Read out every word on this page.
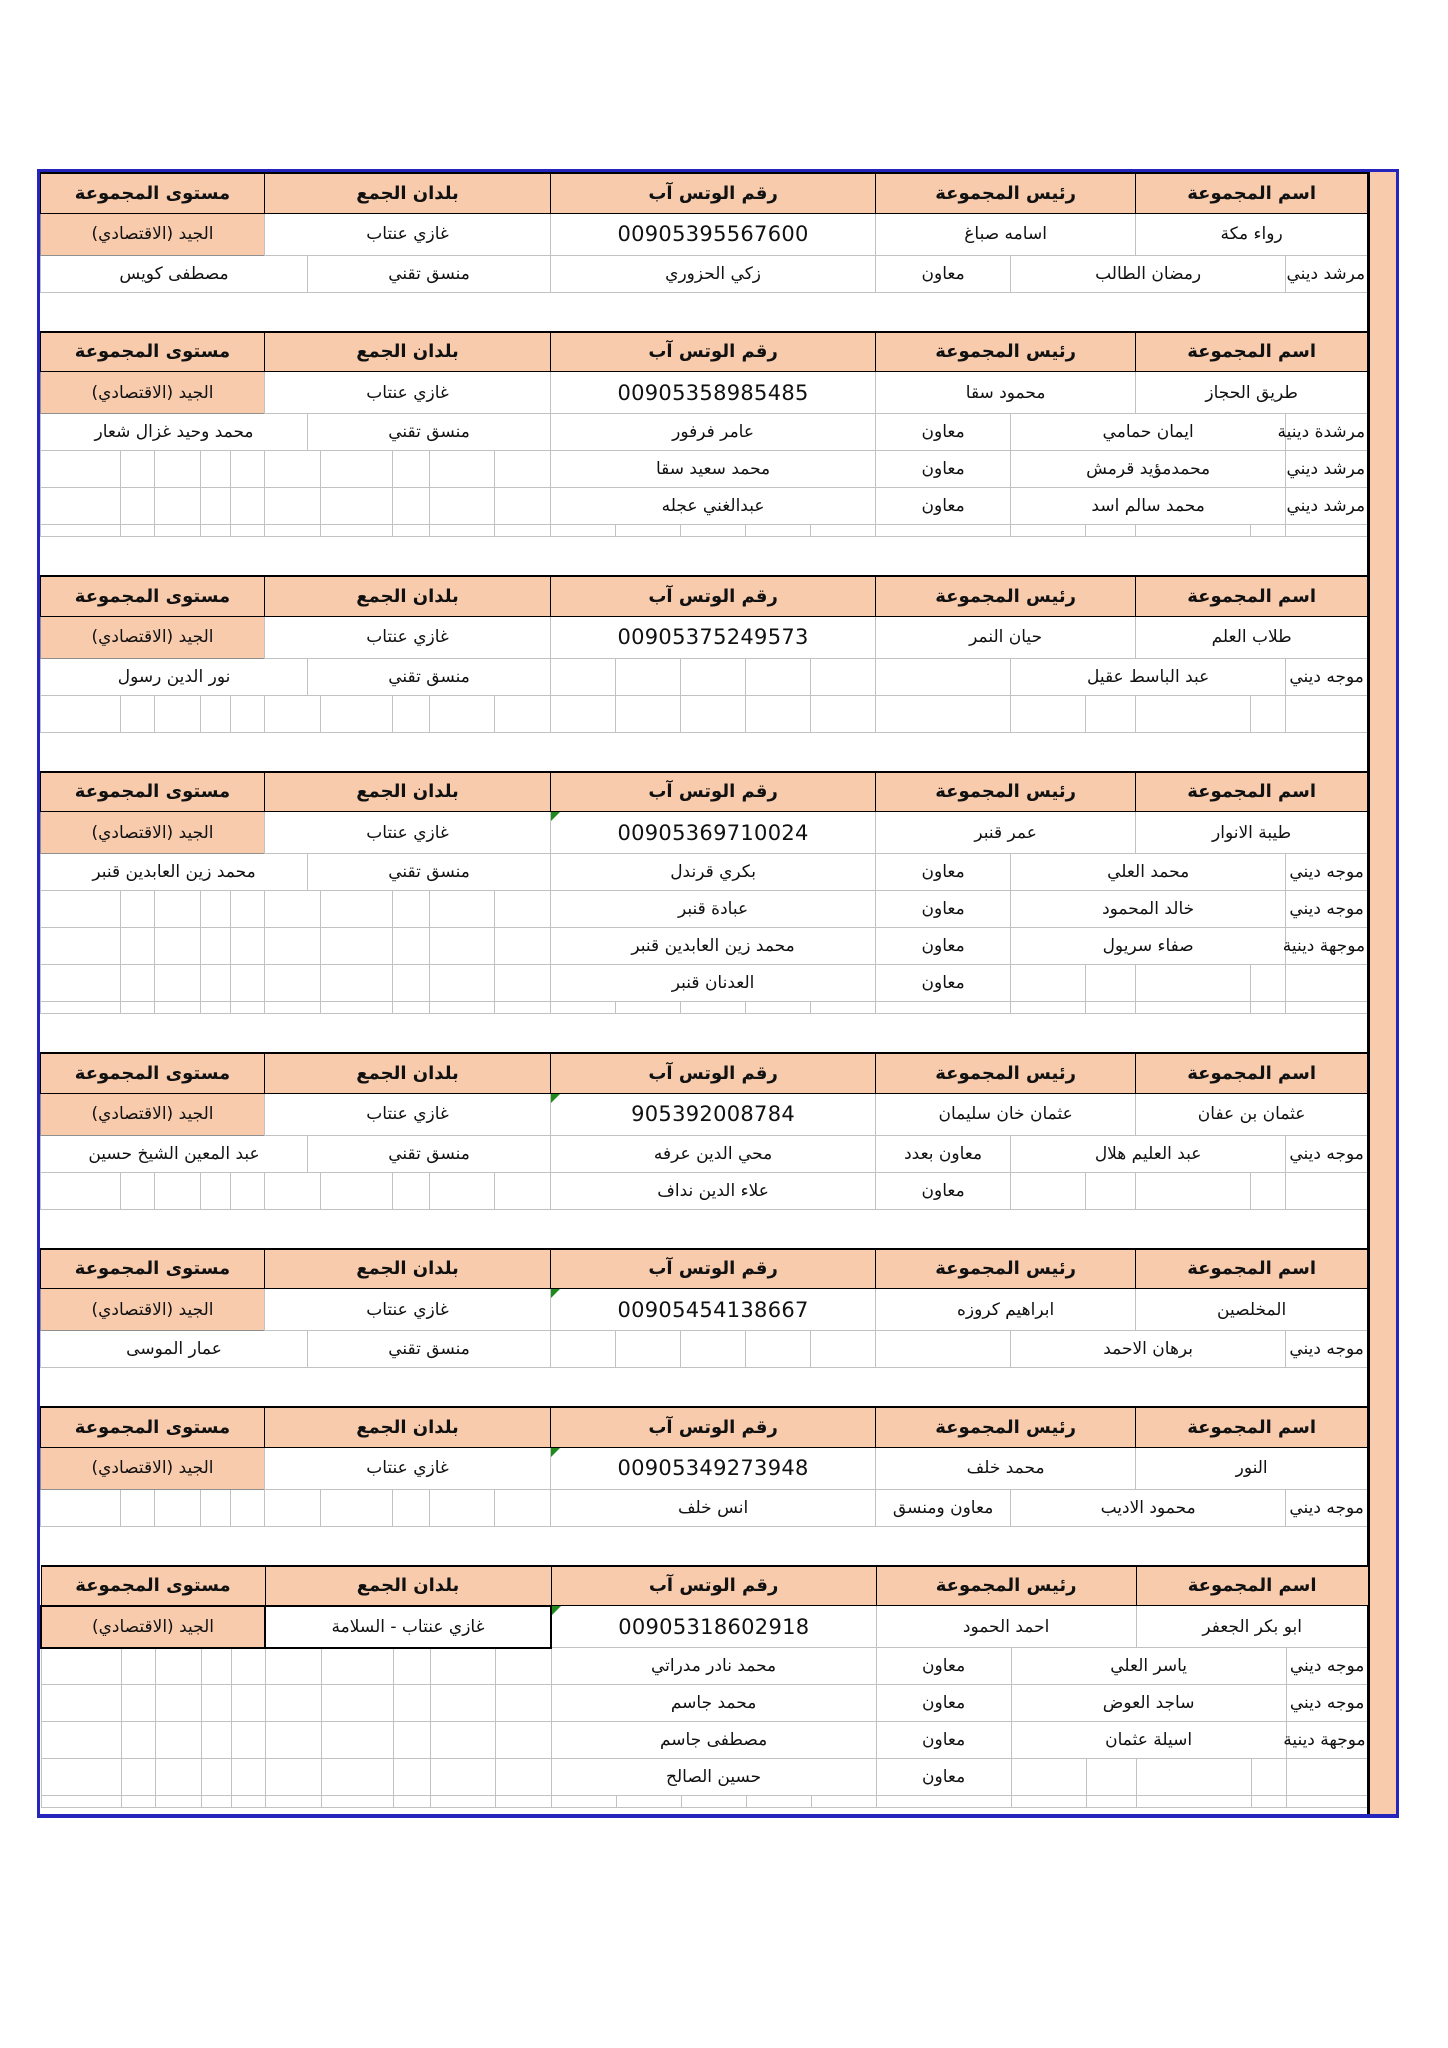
اسم المجموعة		رئيس المجموعة		رقم الوتس آب	بلدان الجمع		مستوى المجموعة
رواء مكة		اسامه صباغ		00905395567600	غازي عنتاب		الجيد (الاقتصادي)
مرشد ديني	رمضان الطالب		معاون	زكي الحزوري	منسق تقني	مصطفى كويس	
اسم المجموعة			رئيس المجموعة			رقم الوتس آب					بلدان الجمع						مستوى المجموعة				
طريق الحجاز			محمود سقا			00905358985485					غازي عنتاب						الجيد (الاقتصادي)				
مرشدة دينية	ايمان حمامي				معاون	عامر فرفور					منسق تقني					محمد وحيد غزال شعار					
مرشد ديني	محمدمؤيد قرمش				معاون	محمد سعيد سقا															
مرشد ديني	محمد سالم اسد				معاون	عبدالغني عجله															

اسم المجموعة			رئيس المجموعة			رقم الوتس آب					بلدان الجمع						مستوى المجموعة				
طلاب العلم			حيان النمر			00905375249573					غازي عنتاب						الجيد (الاقتصادي)				
موجه ديني	عبد الباسط عقيل										منسق تقني					نور الدين رسول					

اسم المجموعة			رئيس المجموعة			رقم الوتس آب					بلدان الجمع						مستوى المجموعة				
طيبة الانوار			عمر قنبر			00905369710024					غازي عنتاب						الجيد (الاقتصادي)				
موجه ديني	محمد العلي				معاون	بكري قرندل					منسق تقني					محمد زين العابدين قنبر					
موجه ديني	خالد المحمود				معاون	عبادة قنبر															
موجهة دينية	صفاء سريول				معاون	محمد زين العابدين قنبر															
					معاون	العدنان قنبر															

اسم المجموعة			رئيس المجموعة			رقم الوتس آب	بلدان الجمع						مستوى المجموعة				
عثمان بن عفان			عثمان خان سليمان			905392008784	غازي عنتاب						الجيد (الاقتصادي)				
موجه ديني	عبد العليم هلال				معاون بعدد	محي الدين عرفه	منسق تقني					عبد المعين الشيخ حسين					
					معاون	علاء الدين نداف											
اسم المجموعة		رئيس المجموعة		رقم الوتس آب					بلدان الجمع		مستوى المجموعة
المخلصين		ابراهيم كروزه		00905454138667					غازي عنتاب		الجيد (الاقتصادي)
موجه ديني	برهان الاحمد								منسق تقني	عمار الموسى	
اسم المجموعة		رئيس المجموعة		رقم الوتس آب	بلدان الجمع					مستوى المجموعة				
النور		محمد خلف		00905349273948	غازي عنتاب					الجيد (الاقتصادي)				
موجه ديني	محمود الاديب		معاون ومنسق	انس خلف										
اسم المجموعة			رئيس المجموعة			رقم الوتس آب					بلدان الجمع					مستوى المجموعة				
ابو بكر الجعفر			احمد الحمود			00905318602918					غازي عنتاب - السلامة					الجيد (الاقتصادي)				
موجه ديني	ياسر العلي				معاون	محمد نادر مدراتي														
موجه ديني	ساجد العوض				معاون	محمد جاسم														
موجهة دينية	اسيلة عثمان				معاون	مصطفى جاسم														
					معاون	حسين الصالح														
